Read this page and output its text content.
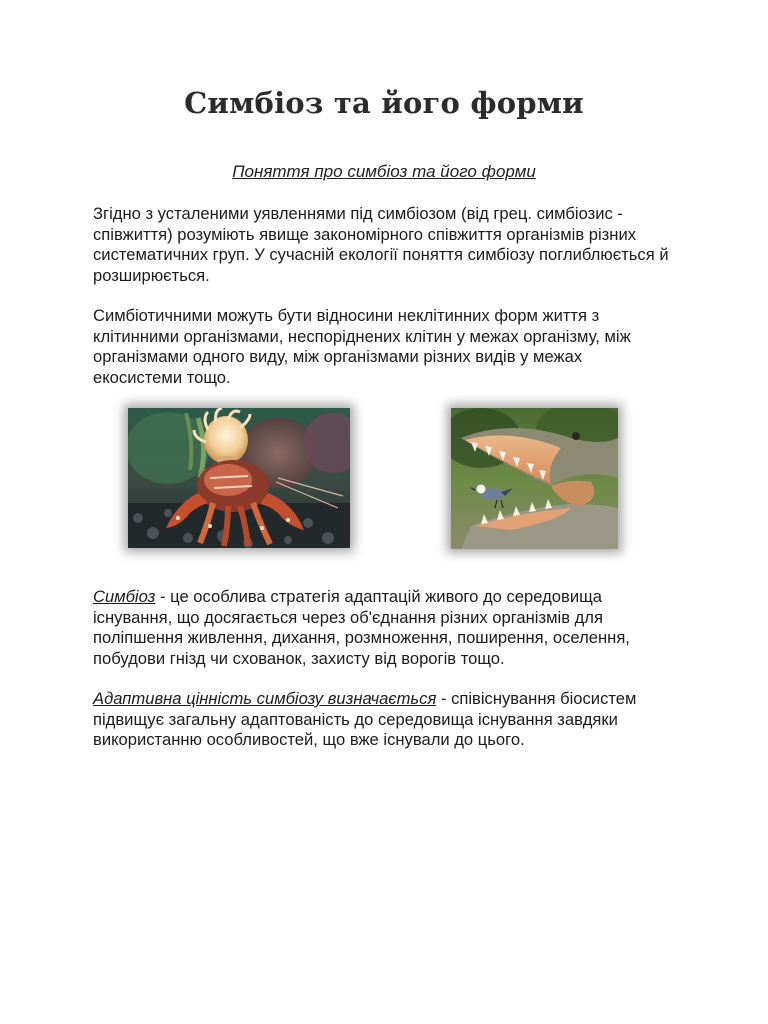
Симбіоз та його форми
Поняття про симбіоз та його форми

Згідно з усталеними уявленнями під симбіозом (від грец. симбіозис - співжиття) розуміють явище закономірного співжиття організмів різних систематичних груп. У сучасній екології поняття симбіозу поглиблюється й розширюється.

Симбіотичними можуть бути відносини неклітинних форм життя з клітинними організмами, неспоріднених клітин у межах організму, між організмами одного виду, між організмами різних видів у межах екосистеми тощо.

Симбіоз - це особлива стратегія адаптацій живого до середовища існування, що досягається через об'єднання різних організмів для поліпшення живлення, дихання, розмноження, поширення, оселення, побудови гнізд чи схованок, захисту від ворогів тощо.

Адаптивна цінність симбіозу визначається - співіснування біосистем підвищує загальну адаптованість до середовища існування завдяки використанню особливостей, що вже існували до цього.
